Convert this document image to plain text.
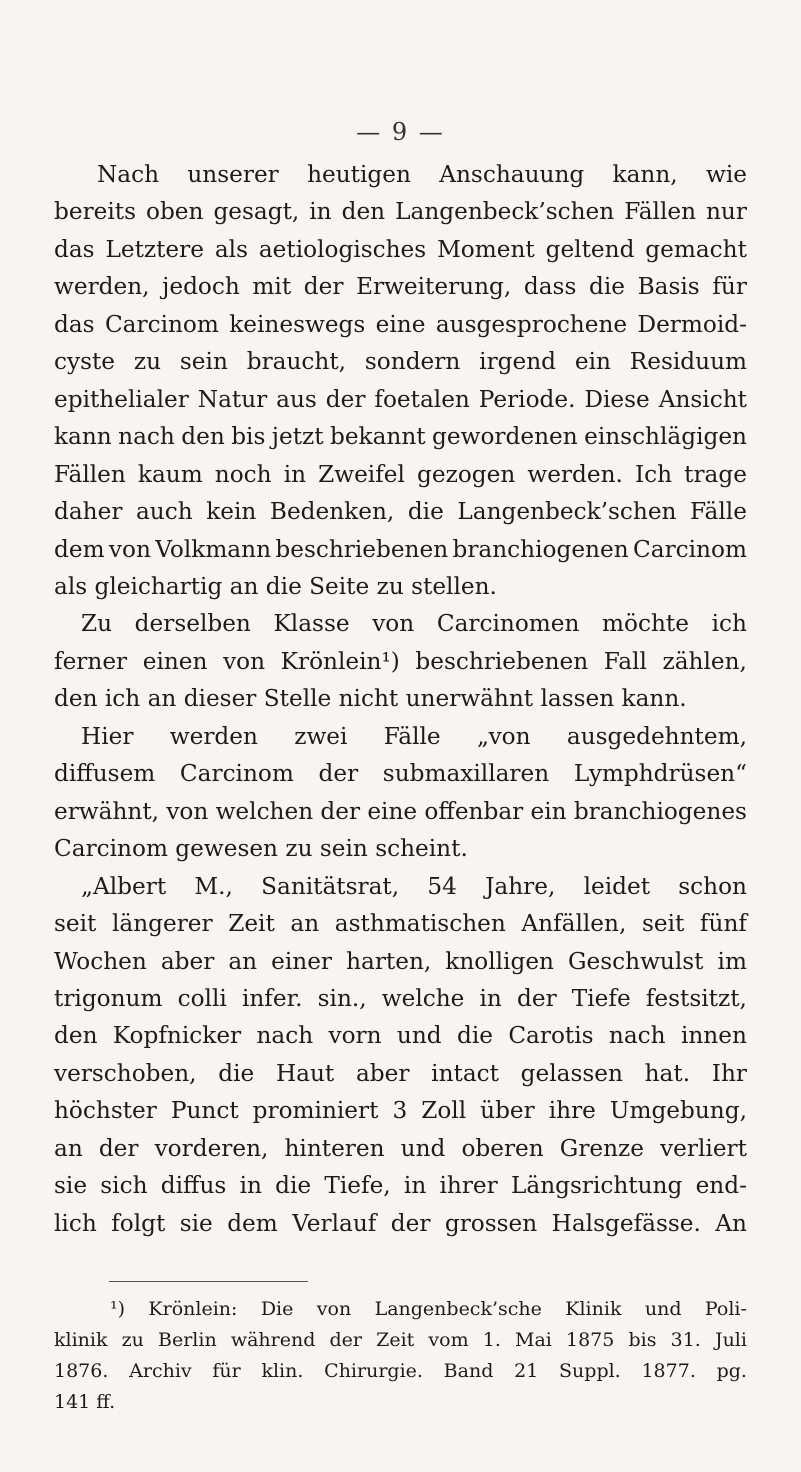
— 9 —
Nach unserer heutigen Anschauung kann, wie
bereits oben gesagt, in den Langenbeck’schen Fällen nur
das Letztere als aetiologisches Moment geltend gemacht
werden, jedoch mit der Erweiterung, dass die Basis für
das Carcinom keineswegs eine ausgesprochene Dermoid-
cyste zu sein braucht, sondern irgend ein Residuum
epithelialer Natur aus der foetalen Periode. Diese Ansicht
kann nach den bis jetzt bekannt gewordenen einschlägigen
Fällen kaum noch in Zweifel gezogen werden. Ich trage
daher auch kein Bedenken, die Langenbeck’schen Fälle
dem von Volkmann beschriebenen branchiogenen Carcinom
als gleichartig an die Seite zu stellen.
Zu derselben Klasse von Carcinomen möchte ich
ferner einen von Krönlein¹) beschriebenen Fall zählen,
den ich an dieser Stelle nicht unerwähnt lassen kann.
Hier werden zwei Fälle „von ausgedehntem,
diffusem Carcinom der submaxillaren Lymphdrüsen“
erwähnt, von welchen der eine offenbar ein branchiogenes
Carcinom gewesen zu sein scheint.
„Albert M., Sanitätsrat, 54 Jahre, leidet schon
seit längerer Zeit an asthmatischen Anfällen, seit fünf
Wochen aber an einer harten, knolligen Geschwulst im
trigonum colli infer. sin., welche in der Tiefe festsitzt,
den Kopfnicker nach vorn und die Carotis nach innen
verschoben, die Haut aber intact gelassen hat. Ihr
höchster Punct prominiert 3 Zoll über ihre Umgebung,
an der vorderen, hinteren und oberen Grenze verliert
sie sich diffus in die Tiefe, in ihrer Längsrichtung end-
lich folgt sie dem Verlauf der grossen Halsgefässe. An
¹) Krönlein: Die von Langenbeck’sche Klinik und Poli-
klinik zu Berlin während der Zeit vom 1. Mai 1875 bis 31. Juli
1876. Archiv für klin. Chirurgie. Band 21 Suppl. 1877. pg.
141 ff.
